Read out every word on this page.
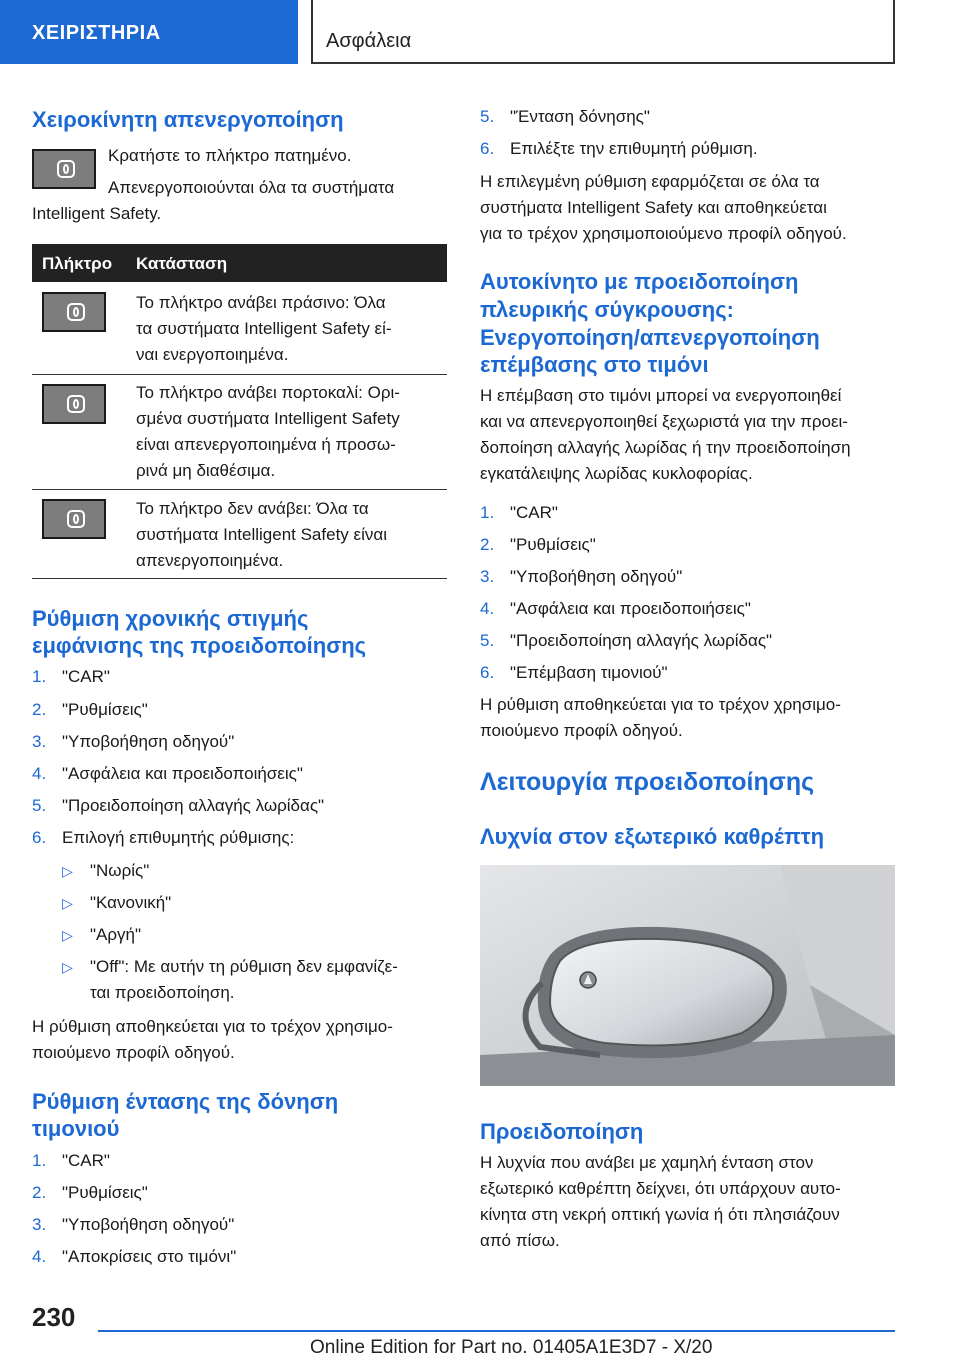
ΧΕΙΡΙΣΤΗΡΙΑ	Ασφάλεια
Χειροκίνητη απενεργοποίηση
Κρατήστε το πλήκτρο πατημένο.
Απενεργοποιούνται όλα τα συστήματα
Intelligent Safety.
Πλήκτρο Κατάσταση
Το πλήκτρο ανάβει πράσινο: Όλα
τα συστήματα Intelligent Safety εί-
ναι ενεργοποιημένα.
Το πλήκτρο ανάβει πορτοκαλί: Ορι-
σμένα συστήματα Intelligent Safety
είναι απενεργοποιημένα ή προσω-
ρινά μη διαθέσιμα.
Το πλήκτρο δεν ανάβει: Όλα τα
συστήματα Intelligent Safety είναι
απενεργοποιημένα.
Ρύθμιση χρονικής στιγμής
εμφάνισης της προειδοποίησης
1. "CAR"
2. "Ρυθμίσεις"
3. "Υποβοήθηση οδηγού"
4. "Ασφάλεια και προειδοποιήσεις"
5. "Προειδοποίηση αλλαγής λωρίδας"
6. Επιλογή επιθυμητής ρύθμισης:
▷ "Νωρίς"
▷ "Κανονική"
▷ "Αργή"
▷ "Off": Με αυτήν τη ρύθμιση δεν εμφανίζε-
ται προειδοποίηση.
Η ρύθμιση αποθηκεύεται για το τρέχον χρησιμο-
ποιούμενο προφίλ οδηγού.
Ρύθμιση έντασης της δόνηση
τιμονιού
1. "CAR"
2. "Ρυθμίσεις"
3. "Υποβοήθηση οδηγού"
4. "Αποκρίσεις στο τιμόνι"
5. "Ένταση δόνησης"
6. Επιλέξτε την επιθυμητή ρύθμιση.
Η επιλεγμένη ρύθμιση εφαρμόζεται σε όλα τα
συστήματα Intelligent Safety και αποθηκεύεται
για το τρέχον χρησιμοποιούμενο προφίλ οδηγού.
Αυτοκίνητο με προειδοποίηση
πλευρικής σύγκρουσης:
Ενεργοποίηση/απενεργοποίηση
επέμβασης στο τιμόνι
Η επέμβαση στο τιμόνι μπορεί να ενεργοποιηθεί
και να απενεργοποιηθεί ξεχωριστά για την προει-
δοποίηση αλλαγής λωρίδας ή την προειδοποίηση
εγκατάλειψης λωρίδας κυκλοφορίας.
1. "CAR"
2. "Ρυθμίσεις"
3. "Υποβοήθηση οδηγού"
4. "Ασφάλεια και προειδοποιήσεις"
5. "Προειδοποίηση αλλαγής λωρίδας"
6. "Επέμβαση τιμονιού"
Η ρύθμιση αποθηκεύεται για το τρέχον χρησιμο-
ποιούμενο προφίλ οδηγού.
Λειτουργία προειδοποίησης
Λυχνία στον εξωτερικό καθρέπτη
Προειδοποίηση
Η λυχνία που ανάβει με χαμηλή ένταση στον
εξωτερικό καθρέπτη δείχνει, ότι υπάρχουν αυτο-
κίνητα στη νεκρή οπτική γωνία ή ότι πλησιάζουν
από πίσω.
230
Online Edition for Part no. 01405A1E3D7 - X/20
